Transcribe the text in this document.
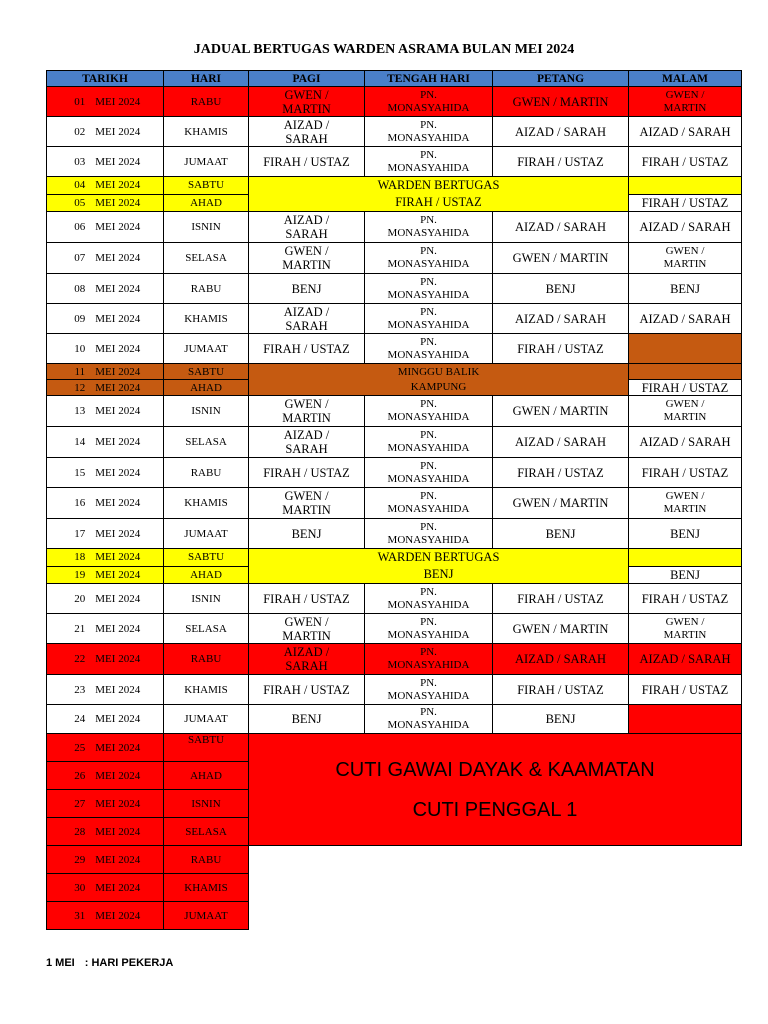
JADUAL BERTUGAS WARDEN ASRAMA BULAN MEI 2024
TARIKH	HARI	PAGI	TENGAH HARI	PETANG	MALAM
01 MEI 2024	RABU	GWEN /
MARTIN	PN.
MONASYAHIDA	GWEN / MARTIN	GWEN /
MARTIN
02 MEI 2024	KHAMIS	AIZAD /
SARAH	PN.
MONASYAHIDA	AIZAD / SARAH	AIZAD / SARAH
03 MEI 2024	JUMAAT	FIRAH / USTAZ	PN.
MONASYAHIDA	FIRAH / USTAZ	FIRAH / USTAZ
04 MEI 2024	SABTU	WARDEN BERTUGAS
FIRAH / USTAZ			
05 MEI 2024	AHAD				FIRAH / USTAZ
06 MEI 2024	ISNIN	AIZAD /
SARAH	PN.
MONASYAHIDA	AIZAD / SARAH	AIZAD / SARAH
07 MEI 2024	SELASA	GWEN /
MARTIN	PN.
MONASYAHIDA	GWEN / MARTIN	GWEN /
MARTIN
08 MEI 2024	RABU	BENJ	PN.
MONASYAHIDA	BENJ	BENJ
09 MEI 2024	KHAMIS	AIZAD /
SARAH	PN.
MONASYAHIDA	AIZAD / SARAH	AIZAD / SARAH
10 MEI 2024	JUMAAT	FIRAH / USTAZ	PN.
MONASYAHIDA	FIRAH / USTAZ	
11 MEI 2024	SABTU	MINGGU BALIK
KAMPUNG			
12 MEI 2024	AHAD				FIRAH / USTAZ
13 MEI 2024	ISNIN	GWEN /
MARTIN	PN.
MONASYAHIDA	GWEN / MARTIN	GWEN /
MARTIN
14 MEI 2024	SELASA	AIZAD /
SARAH	PN.
MONASYAHIDA	AIZAD / SARAH	AIZAD / SARAH
15 MEI 2024	RABU	FIRAH / USTAZ	PN.
MONASYAHIDA	FIRAH / USTAZ	FIRAH / USTAZ
16 MEI 2024	KHAMIS	GWEN /
MARTIN	PN.
MONASYAHIDA	GWEN / MARTIN	GWEN /
MARTIN
17 MEI 2024	JUMAAT	BENJ	PN.
MONASYAHIDA	BENJ	BENJ
18 MEI 2024	SABTU	WARDEN BERTUGAS
BENJ			
19 MEI 2024	AHAD				BENJ
20 MEI 2024	ISNIN	FIRAH / USTAZ	PN.
MONASYAHIDA	FIRAH / USTAZ	FIRAH / USTAZ
21 MEI 2024	SELASA	GWEN /
MARTIN	PN.
MONASYAHIDA	GWEN / MARTIN	GWEN /
MARTIN
22 MEI 2024	RABU	AIZAD /
SARAH	PN.
MONASYAHIDA	AIZAD / SARAH	AIZAD / SARAH
23 MEI 2024	KHAMIS	FIRAH / USTAZ	PN.
MONASYAHIDA	FIRAH / USTAZ	FIRAH / USTAZ
24 MEI 2024	JUMAAT	BENJ	PN.
MONASYAHIDA	BENJ	
25 MEI 2024	SABTU	CUTI GAWAI DAYAK & KAAMATAN
CUTI PENGGAL 1			
26 MEI 2024	AHAD				
27 MEI 2024	ISNIN				
28 MEI 2024	SELASA				
29 MEI 2024	RABU				
30 MEI 2024	KHAMIS				
31 MEI 2024	JUMAAT				
1 MEI : HARI PEKERJA
